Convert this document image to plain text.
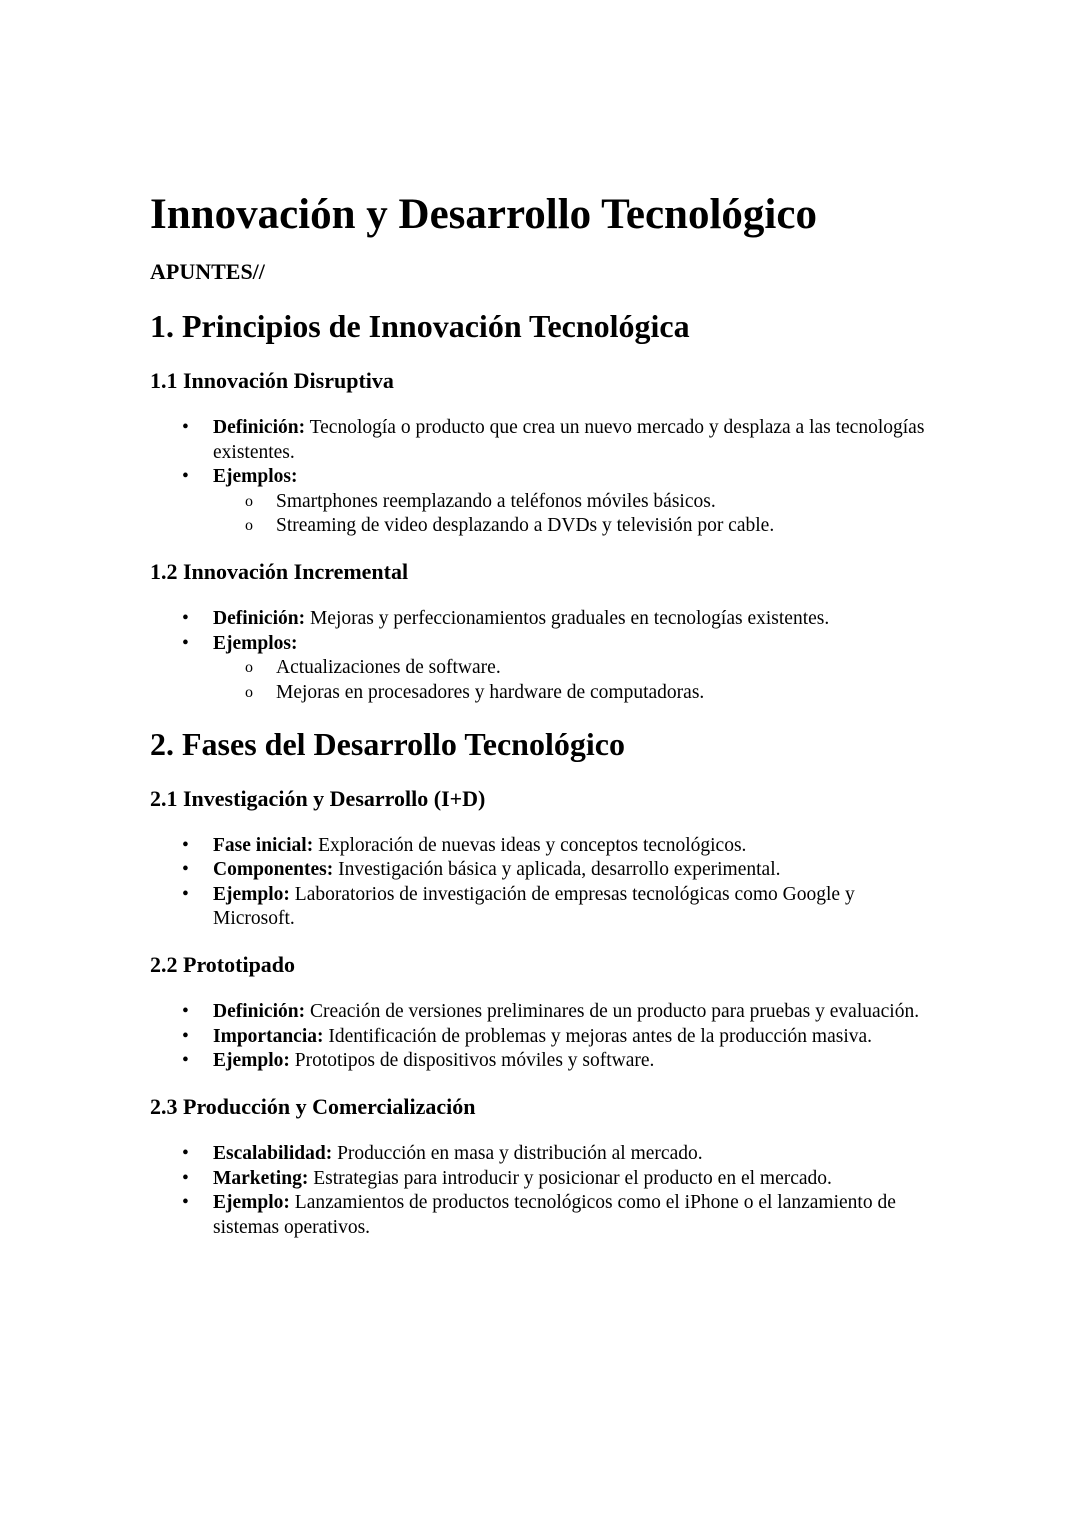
Innovación y Desarrollo Tecnológico
APUNTES//
1. Principios de Innovación Tecnológica
1.1 Innovación Disruptiva
• Definición: Tecnología o producto que crea un nuevo mercado y desplaza a las tecnologías existentes.
• Ejemplos:
o Smartphones reemplazando a teléfonos móviles básicos.
o Streaming de video desplazando a DVDs y televisión por cable.
1.2 Innovación Incremental
• Definición: Mejoras y perfeccionamientos graduales en tecnologías existentes.
• Ejemplos:
o Actualizaciones de software.
o Mejoras en procesadores y hardware de computadoras.
2. Fases del Desarrollo Tecnológico
2.1 Investigación y Desarrollo (I+D)
• Fase inicial: Exploración de nuevas ideas y conceptos tecnológicos.
• Componentes: Investigación básica y aplicada, desarrollo experimental.
• Ejemplo: Laboratorios de investigación de empresas tecnológicas como Google y Microsoft.
2.2 Prototipado
• Definición: Creación de versiones preliminares de un producto para pruebas y evaluación.
• Importancia: Identificación de problemas y mejoras antes de la producción masiva.
• Ejemplo: Prototipos de dispositivos móviles y software.
2.3 Producción y Comercialización
• Escalabilidad: Producción en masa y distribución al mercado.
• Marketing: Estrategias para introducir y posicionar el producto en el mercado.
• Ejemplo: Lanzamientos de productos tecnológicos como el iPhone o el lanzamiento de sistemas operativos.
